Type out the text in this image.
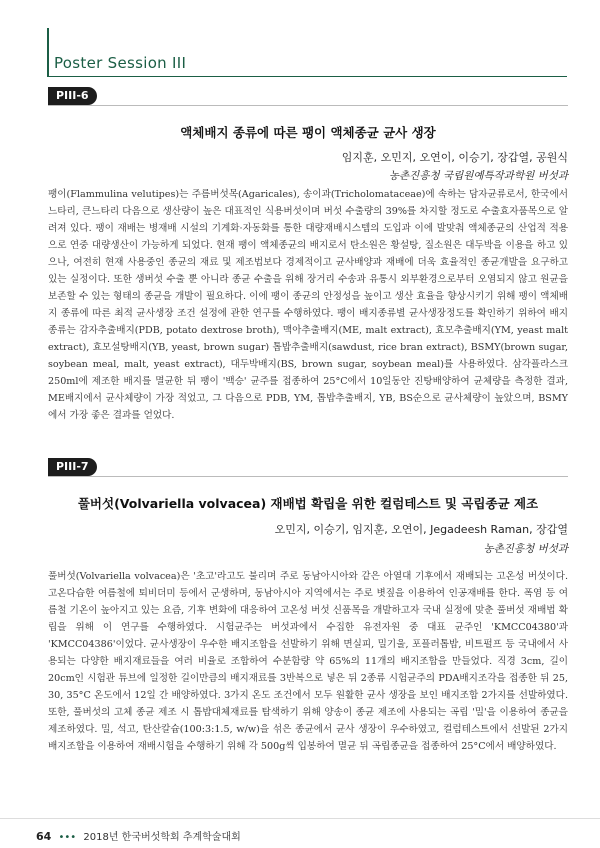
Poster Session III
PIII-6
액체배지 종류에 따른 팽이 액체종균 균사 생장
임지훈, 오민지, 오연이, 이승기, 장갑열, 공원식
농촌진흥청 국립원예특작과학원 버섯과
팽이(Flammulina velutipes)는 주름버섯목(Agaricales), 송이과(Tricholomataceae)에 속하는 담자균류로서, 한국에서 느타리, 큰느타리 다음으로 생산량이 높은 대표적인 식용버섯이며 버섯 수출량의 39%를 차지할 정도로 수출효자품목으로 알려져 있다. 팽이 재배는 병재배 시설의 기계화·자동화를 통한 대량재배시스템의 도입과 이에 발맞춰 액체종균의 산업적 적용으로 연중 대량생산이 가능하게 되었다. 현재 팽이 액체종균의 배지로서 탄소원은 황설탕, 질소원은 대두박을 이용을 하고 있으나, 여전히 현재 사용중인 종균의 재료 및 제조법보다 경제적이고 균사배양과 재배에 더욱 효율적인 종균개발을 요구하고 있는 실정이다. 또한 생버섯 수출 뿐 아니라 종균 수출을 위해 장거리 수송과 유통시 외부환경으로부터 오염되지 않고 원균을 보존할 수 있는 형태의 종균을 개발이 필요하다. 이에 팽이 종균의 안정성을 높이고 생산 효율을 향상시키기 위해 팽이 액체배지 종류에 따른 최적 균사생장 조건 설정에 관한 연구를 수행하였다. 팽이 배지종류별 균사생장정도를 확인하기 위하여 배지종류는 감자추출배지(PDB, potato dextrose broth), 맥아추출배지(ME, malt extract), 효모추출배지(YM, yeast malt extract), 효모설탕배지(YB, yeast, brown sugar) 톱밥추출배지(sawdust, rice bran extract), BSMY(brown sugar, soybean meal, malt, yeast extract), 대두박배지(BS, brown sugar, soybean meal)를 사용하였다. 삼각플라스크 250ml에 제조한 배지를 멸균한 뒤 팽이 '백승' 균주를 접종하여 25°C에서 10일동안 진탕배양하여 균체량을 측정한 결과, ME배지에서 균사체량이 가장 적었고, 그 다음으로 PDB, YM, 톱밥추출배지, YB, BS순으로 균사체량이 높았으며, BSMY에서 가장 좋은 결과를 얻었다.
PIII-7
풀버섯(Volvariella volvacea) 재배법 확립을 위한 컬럼테스트 및 곡립종균 제조
오민지, 이승기, 임지훈, 오연이, Jegadeesh Raman, 장갑열
농촌진흥청 버섯과
풀버섯(Volvariella volvacea)은 '초고'라고도 불리며 주로 동남아시아와 같은 아열대 기후에서 재배되는 고온성 버섯이다. 고온다습한 여름철에 퇴비더미 등에서 군생하며, 동남아시아 지역에서는 주로 볏짚을 이용하여 인공재배를 한다. 폭염 등 여름철 기온이 높아지고 있는 요즘, 기후 변화에 대응하여 고온성 버섯 신품목을 개발하고자 국내 실정에 맞춘 풀버섯 재배법 확립을 위해 이 연구를 수행하였다. 시험균주는 버섯과에서 수집한 유전자원 중 대표 균주인 'KMCC04380'과 'KMCC04386'이었다. 균사생장이 우수한 배지조합을 선발하기 위해 면실피, 밀기울, 포플러톱밥, 비트펄프 등 국내에서 사용되는 다양한 배지재료들을 여러 비율로 조합하여 수분함량 약 65%의 11개의 배지조합을 만들었다. 직경 3cm, 길이 20cm인 시험관 튜브에 일정한 길이만큼의 배지재료를 3반복으로 넣은 뒤 2종류 시험균주의 PDA배지조각을 접종한 뒤 25, 30, 35°C 온도에서 12일 간 배양하였다. 3가지 온도 조건에서 모두 원활한 균사 생장을 보인 배지조합 2가지를 선발하였다. 또한, 풀버섯의 고체 종균 제조 시 톱밥대체재료를 탐색하기 위해 양송이 종균 제조에 사용되는 곡립 '밀'을 이용하여 종균을 제조하였다. 밀, 석고, 탄산칼슘(100:3:1.5, w/w)을 섞은 종균에서 균사 생장이 우수하였고, 컬럼테스트에서 선발된 2가지 배지조합을 이용하여 재배시험을 수행하기 위해 각 500g씩 입봉하여 멸균 뒤 곡립종균을 접종하여 25°C에서 배양하였다.
64 ••• 2018년 한국버섯학회 추계학술대회
